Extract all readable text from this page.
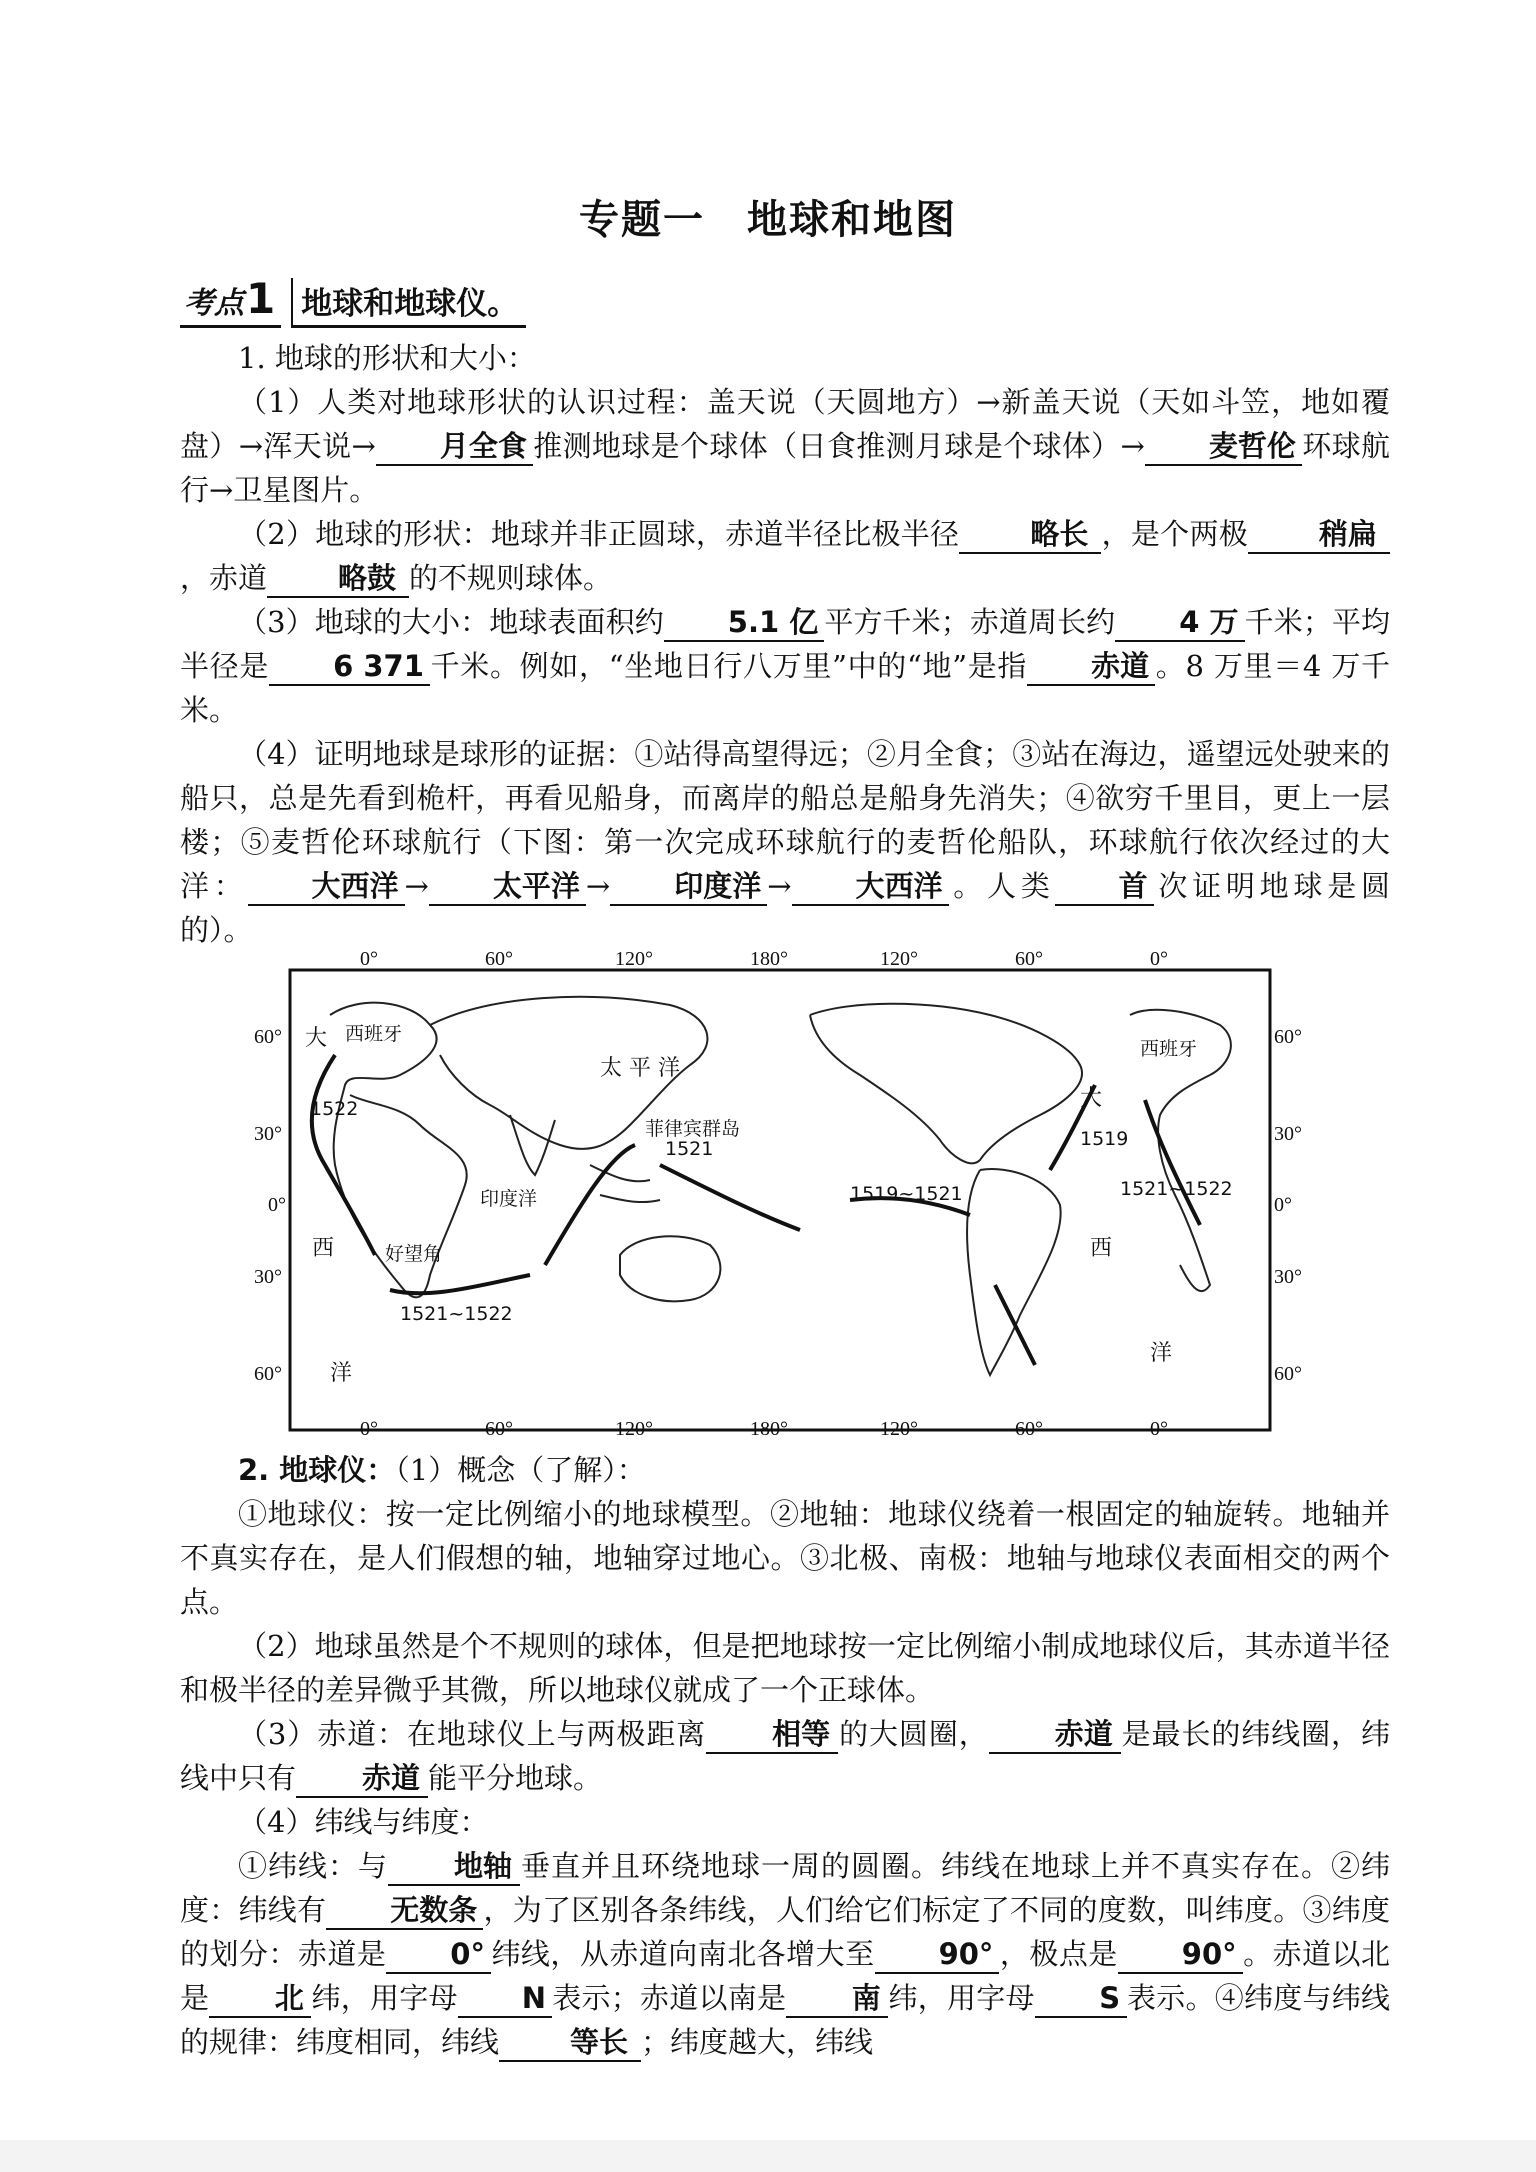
专题一　地球和地图
考点1 地球和地球仪。
1. 地球的形状和大小：
（1）人类对地球形状的认识过程：盖天说（天圆地方）→新盖天说（天如斗笠，地如覆盘）→浑天说→ 月全食 推测地球是个球体（日食推测月球是个球体）→ 麦哲伦 环球航行→卫星图片。
（2）地球的形状：地球并非正圆球，赤道半径比极半径 略长 ，是个两极 稍扁，赤道 略鼓 的不规则球体。
（3）地球的大小：地球表面积约 5.1 亿 平方千米；赤道周长约 4 万 千米；平均半径是 6 371 千米。例如，“坐地日行八万里”中的“地”是指 赤道 。8 万里＝4 万千米。
（4）证明地球是球形的证据：①站得高望得远；②月全食；③站在海边，遥望远处驶来的船只，总是先看到桅杆，再看见船身，而离岸的船总是船身先消失；④欲穷千里目，更上一层楼；⑤麦哲伦环球航行（下图：第一次完成环球航行的麦哲伦船队，环球航行依次经过的大洋： 大西洋 → 太平洋 → 印度洋 → 大西洋 。人类 首 次证明地球是圆的）。
0°	60°	120°	180°	120°	60°	0°
0°	60°	120°	180°	120°	60°	0°
60°
30°
0°
30°
60°
60°
30°
0°
30°
60°
西班牙
西班牙
太 平 洋
菲律宾群岛
1521
印度洋
好望角
1521~1522
1519~1521
1519
1521~1522
1522
大
西
洋
大
西
洋
2. 地球仪：（1）概念（了解）：
①地球仪：按一定比例缩小的地球模型。②地轴：地球仪绕着一根固定的轴旋转。地轴并不真实存在，是人们假想的轴，地轴穿过地心。③北极、南极：地轴与地球仪表面相交的两个点。
（2）地球虽然是个不规则的球体，但是把地球按一定比例缩小制成地球仪后，其赤道半径和极半径的差异微乎其微，所以地球仪就成了一个正球体。
（3）赤道：在地球仪上与两极距离 相等 的大圆圈， 赤道 是最长的纬线圈，纬线中只有 赤道 能平分地球。
（4）纬线与纬度：
①纬线：与 地轴 垂直并且环绕地球一周的圆圈。纬线在地球上并不真实存在。②纬度：纬线有 无数条 ，为了区别各条纬线，人们给它们标定了不同的度数，叫纬度。③纬度的划分：赤道是 0° 纬线，从赤道向南北各增大至 90° ，极点是 90° 。赤道以北是 北 纬，用字母 N 表示；赤道以南是 南 纬，用字母 S 表示。④纬度与纬线的规律：纬度相同，纬线 等长 ；纬度越大，纬线
